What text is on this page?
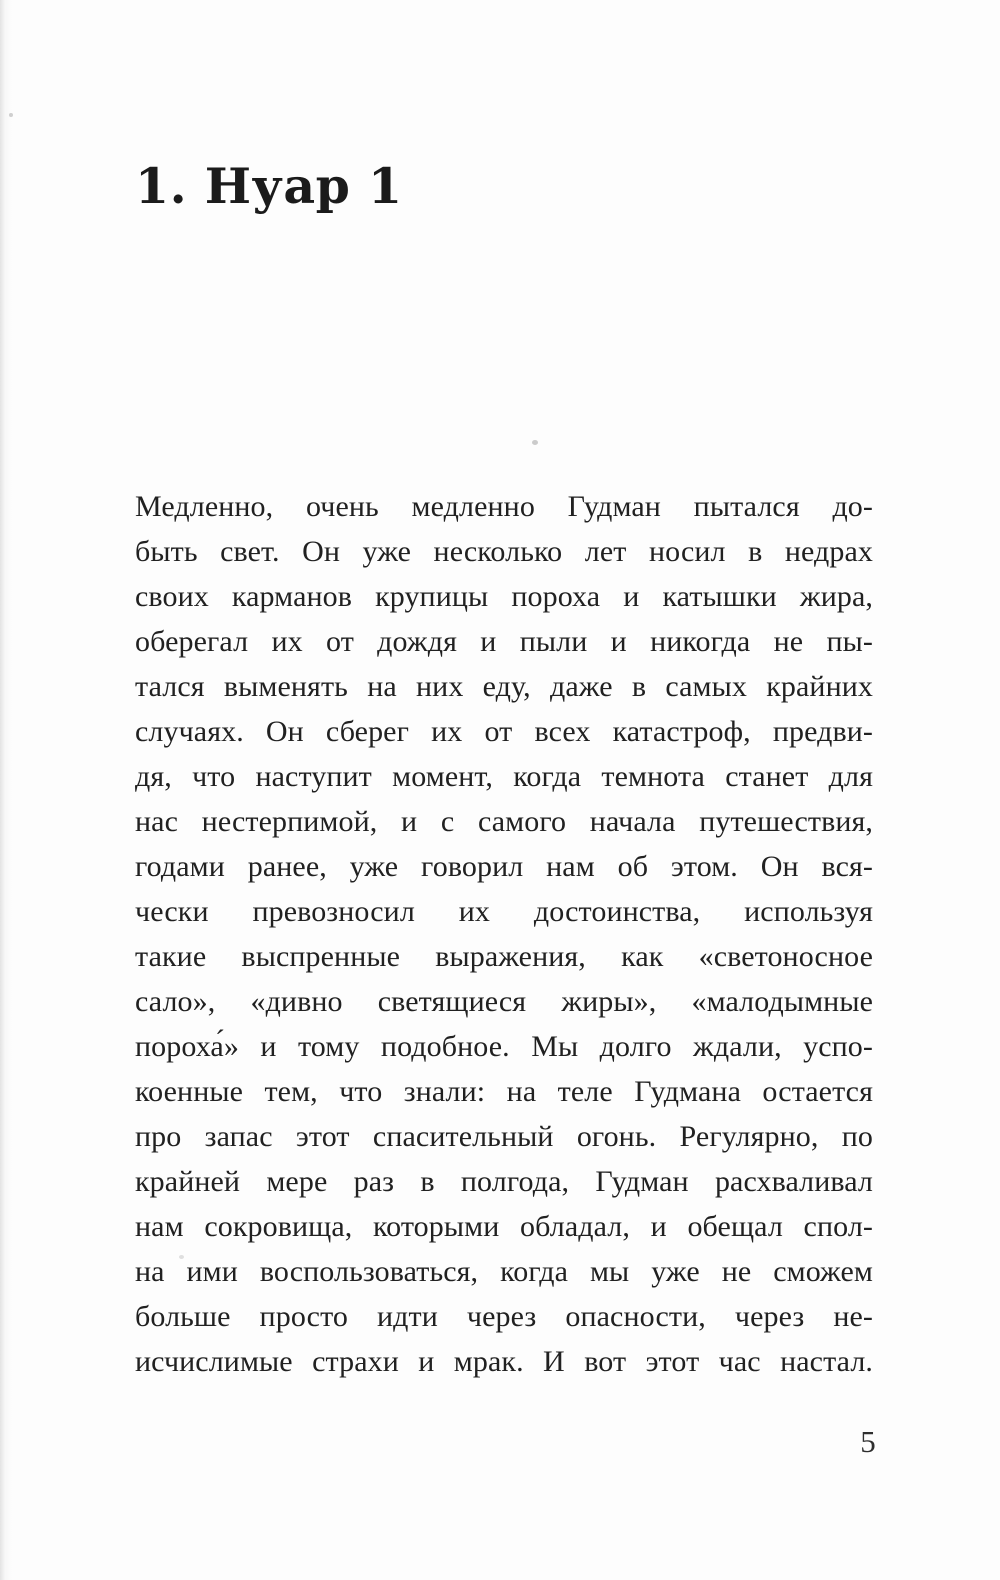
1. Нуар 1
Медленно, очень медленно Гудман пытался до-
быть свет. Он уже несколько лет носил в недрах
своих карманов крупицы пороха и катышки жира,
оберегал их от дождя и пыли и никогда не пы-
тался выменять на них еду, даже в самых крайних
случаях. Он сберег их от всех катастроф, предви-
дя, что наступит момент, когда темнота станет для
нас нестерпимой, и с самого начала путешествия,
годами ранее, уже говорил нам об этом. Он вся-
чески превозносил их достоинства, используя
такие выспренные выражения, как «светоносное
сало», «дивно светящиеся жиры», «малодымные
пороха́» и тому подобное. Мы долго ждали, успо-
коенные тем, что знали: на теле Гудмана остается
про запас этот спасительный огонь. Регулярно, по
крайней мере раз в полгода, Гудман расхваливал
нам сокровища, которыми обладал, и обещал спол-
на ими воспользоваться, когда мы уже не сможем
больше просто идти через опасности, через не-
исчислимые страхи и мрак. И вот этот час настал.
5
